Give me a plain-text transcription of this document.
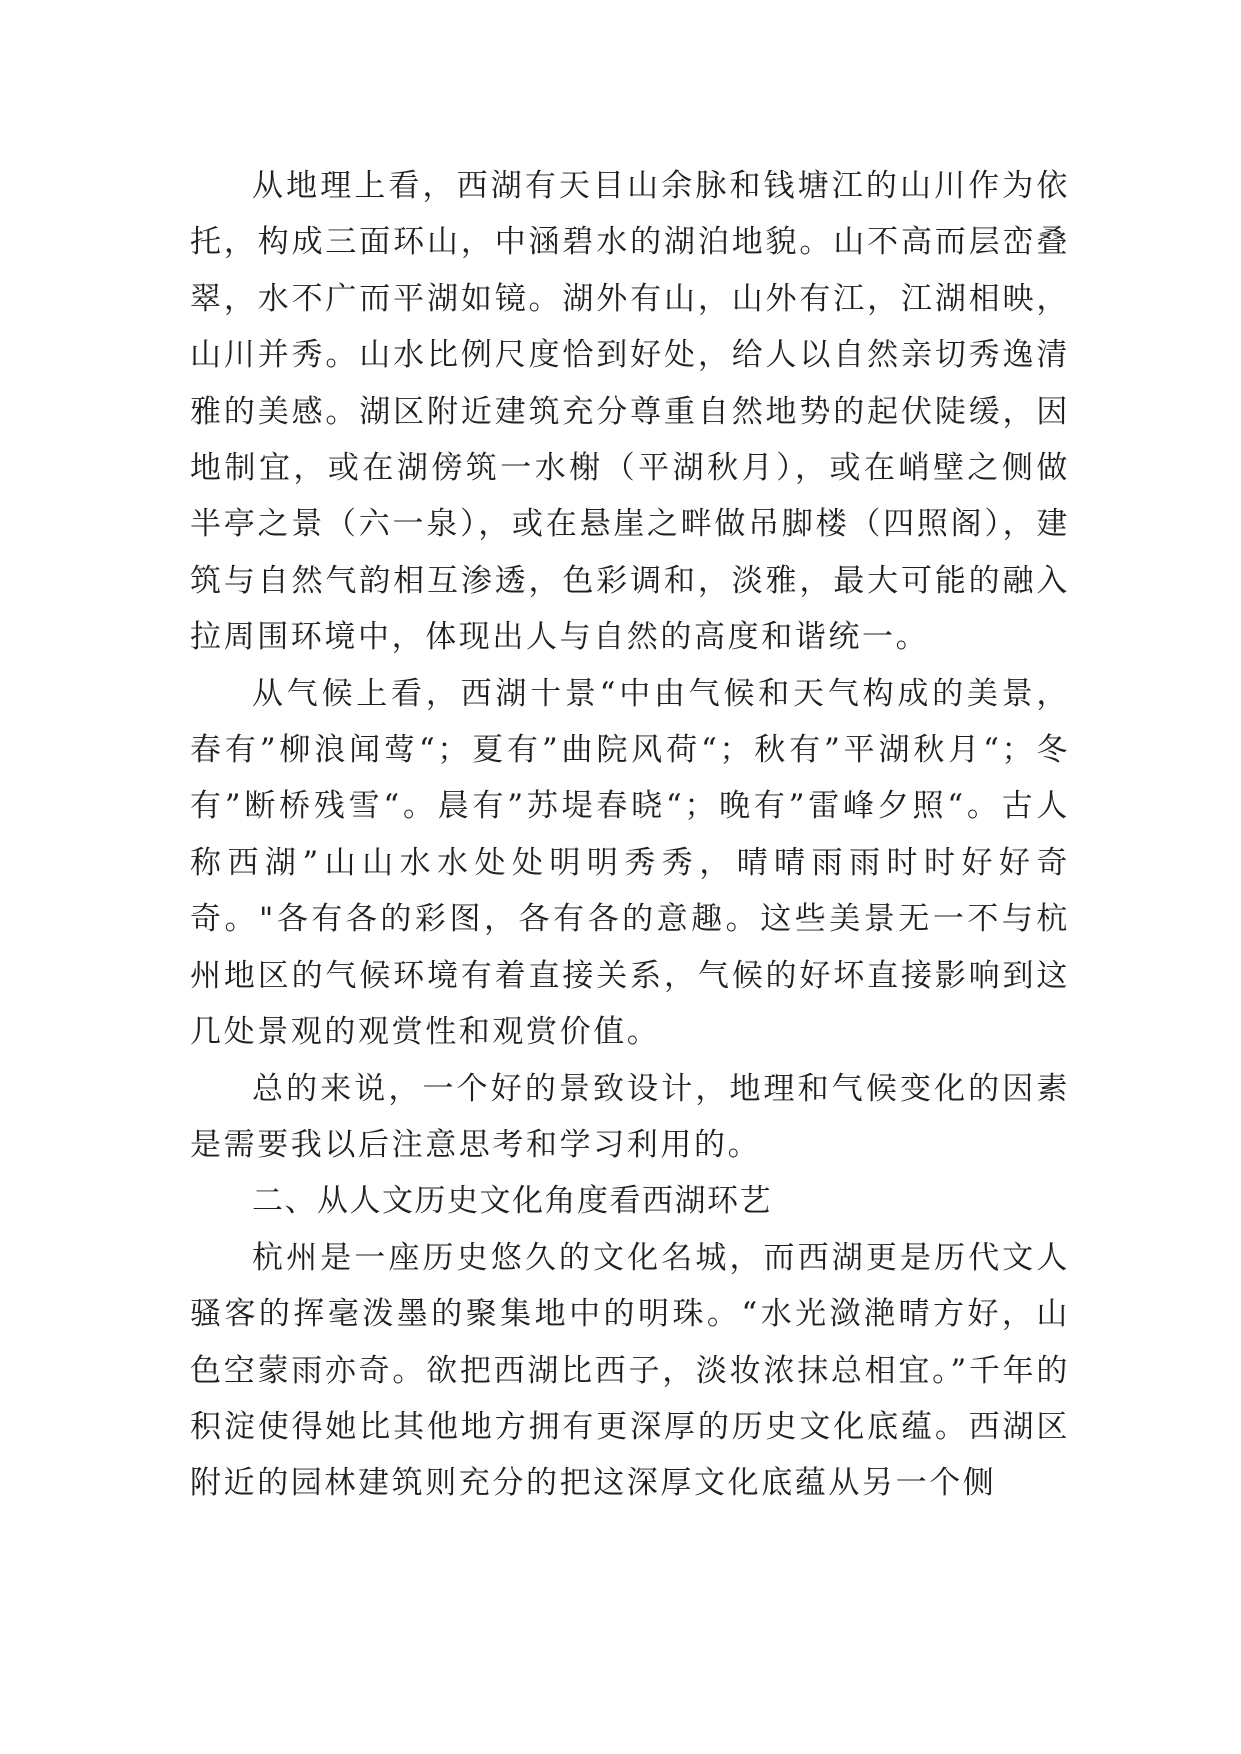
从地理上看，西湖有天目山余脉和钱塘江的山川作为依托，构成三面环山，中涵碧水的湖泊地貌。山不高而层峦叠翠，水不广而平湖如镜。湖外有山，山外有江，江湖相映，山川并秀。山水比例尺度恰到好处，给人以自然亲切秀逸清雅的美感。湖区附近建筑充分尊重自然地势的起伏陡缓，因地制宜，或在湖傍筑一水榭（平湖秋月），或在峭壁之侧做半亭之景（六一泉），或在悬崖之畔做吊脚楼（四照阁），建筑与自然气韵相互渗透，色彩调和，淡雅，最大可能的融入拉周围环境中，体现出人与自然的高度和谐统一。

从气候上看，西湖十景“中由气候和天气构成的美景，春有”柳浪闻莺“；夏有”曲院风荷“；秋有”平湖秋月“；冬有”断桥残雪“。晨有”苏堤春晓“；晚有”雷峰夕照“。古人称西湖”山山水水处处明明秀秀，晴晴雨雨时时好好奇奇。"各有各的彩图，各有各的意趣。这些美景无一不与杭州地区的气候环境有着直接关系，气候的好坏直接影响到这几处景观的观赏性和观赏价值。

总的来说，一个好的景致设计，地理和气候变化的因素是需要我以后注意思考和学习利用的。

二、从人文历史文化角度看西湖环艺

杭州是一座历史悠久的文化名城，而西湖更是历代文人骚客的挥毫泼墨的聚集地中的明珠。“水光潋滟晴方好，山色空蒙雨亦奇。欲把西湖比西子，淡妆浓抹总相宜。”千年的积淀使得她比其他地方拥有更深厚的历史文化底蕴。西湖区附近的园林建筑则充分的把这深厚文化底蕴从另一个侧
